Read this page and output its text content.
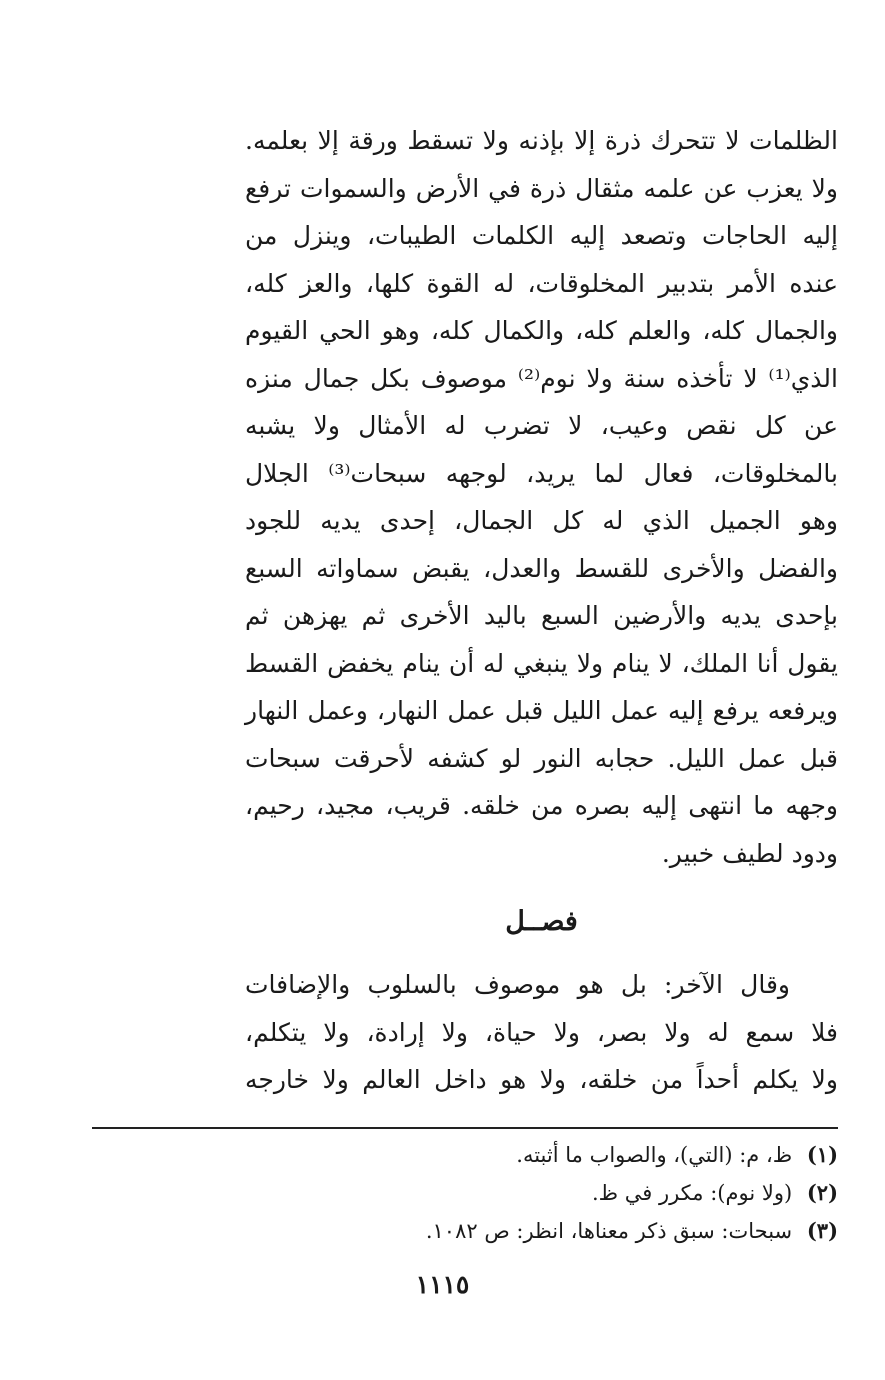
الظلمات لا تتحرك ذرة إلا بإذنه ولا تسقط ورقة إلا بعلمه.
ولا يعزب عن علمه مثقال ذرة في الأرض والسموات ترفع
إليه الحاجات وتصعد إليه الكلمات الطيبات، وينزل من
عنده الأمر بتدبير المخلوقات، له القوة كلها، والعز كله،
والجمال كله، والعلم كله، والكمال كله، وهو الحي القيوم
الذي⁽¹⁾ لا تأخذه سنة ولا نوم⁽²⁾ موصوف بكل جمال منزه
عن كل نقص وعيب، لا تضرب له الأمثال ولا يشبه
بالمخلوقات، فعال لما يريد، لوجهه سبحات⁽³⁾ الجلال
وهو الجميل الذي له كل الجمال، إحدى يديه للجود
والفضل والأخرى للقسط والعدل، يقبض سماواته السبع
بإحدى يديه والأرضين السبع باليد الأخرى ثم يهزهن ثم
يقول أنا الملك، لا ينام ولا ينبغي له أن ينام يخفض القسط
ويرفعه يرفع إليه عمل الليل قبل عمل النهار، وعمل النهار
قبل عمل الليل. حجابه النور لو كشفه لأحرقت سبحات
وجهه ما انتهى إليه بصره من خلقه. قريب، مجيد، رحيم،
ودود لطيف خبير.
فصــل
وقال الآخر: بل هو موصوف بالسلوب والإضافات
فلا سمع له ولا بصر، ولا حياة، ولا إرادة، ولا يتكلم،
ولا يكلم أحداً من خلقه، ولا هو داخل العالم ولا خارجه
(١) ظ، م: (التي)، والصواب ما أثبته.
(٢) (ولا نوم): مكرر في ظ.
(٣) سبحات: سبق ذكر معناها، انظر: ص ١٠٨٢.
١١١٥
